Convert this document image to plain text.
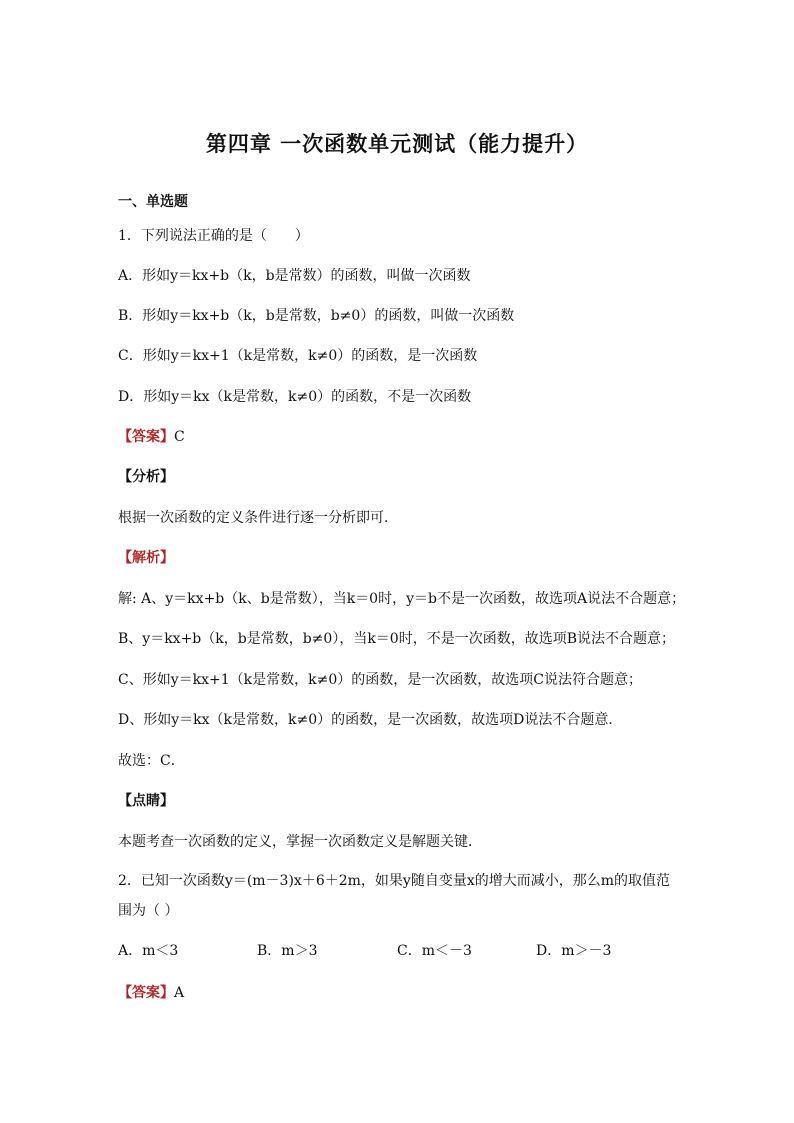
第四章 一次函数单元测试（能力提升）
一、单选题
1．下列说法正确的是（　　）
A．形如y＝kx+b（k，b是常数）的函数，叫做一次函数
B．形如y＝kx+b（k，b是常数，b≠0）的函数，叫做一次函数
C．形如y＝kx+1（k是常数，k≠0）的函数，是一次函数
D．形如y＝kx（k是常数，k≠0）的函数，不是一次函数
【答案】C
【分析】
根据一次函数的定义条件进行逐一分析即可．
【解析】
解: A、y＝kx+b（k、b是常数），当k＝0时，y＝b不是一次函数，故选项A说法不合题意；
B、y＝kx+b（k，b是常数，b≠0），当k＝0时，不是一次函数，故选项B说法不合题意；
C、形如y＝kx+1（k是常数，k≠0）的函数，是一次函数，故选项C说法符合题意；
D、形如y＝kx（k是常数，k≠0）的函数，是一次函数，故选项D说法不合题意．
故选：C．
【点睛】
本题考查一次函数的定义，掌握一次函数定义是解题关键．
2．已知一次函数y＝(m－3)x＋6＋2m，如果y随自变量x的增大而减小，那么m的取值范
围为（ ）
A．m＜3	B．m＞3	C．m＜－3	D．m＞－3
【答案】A
